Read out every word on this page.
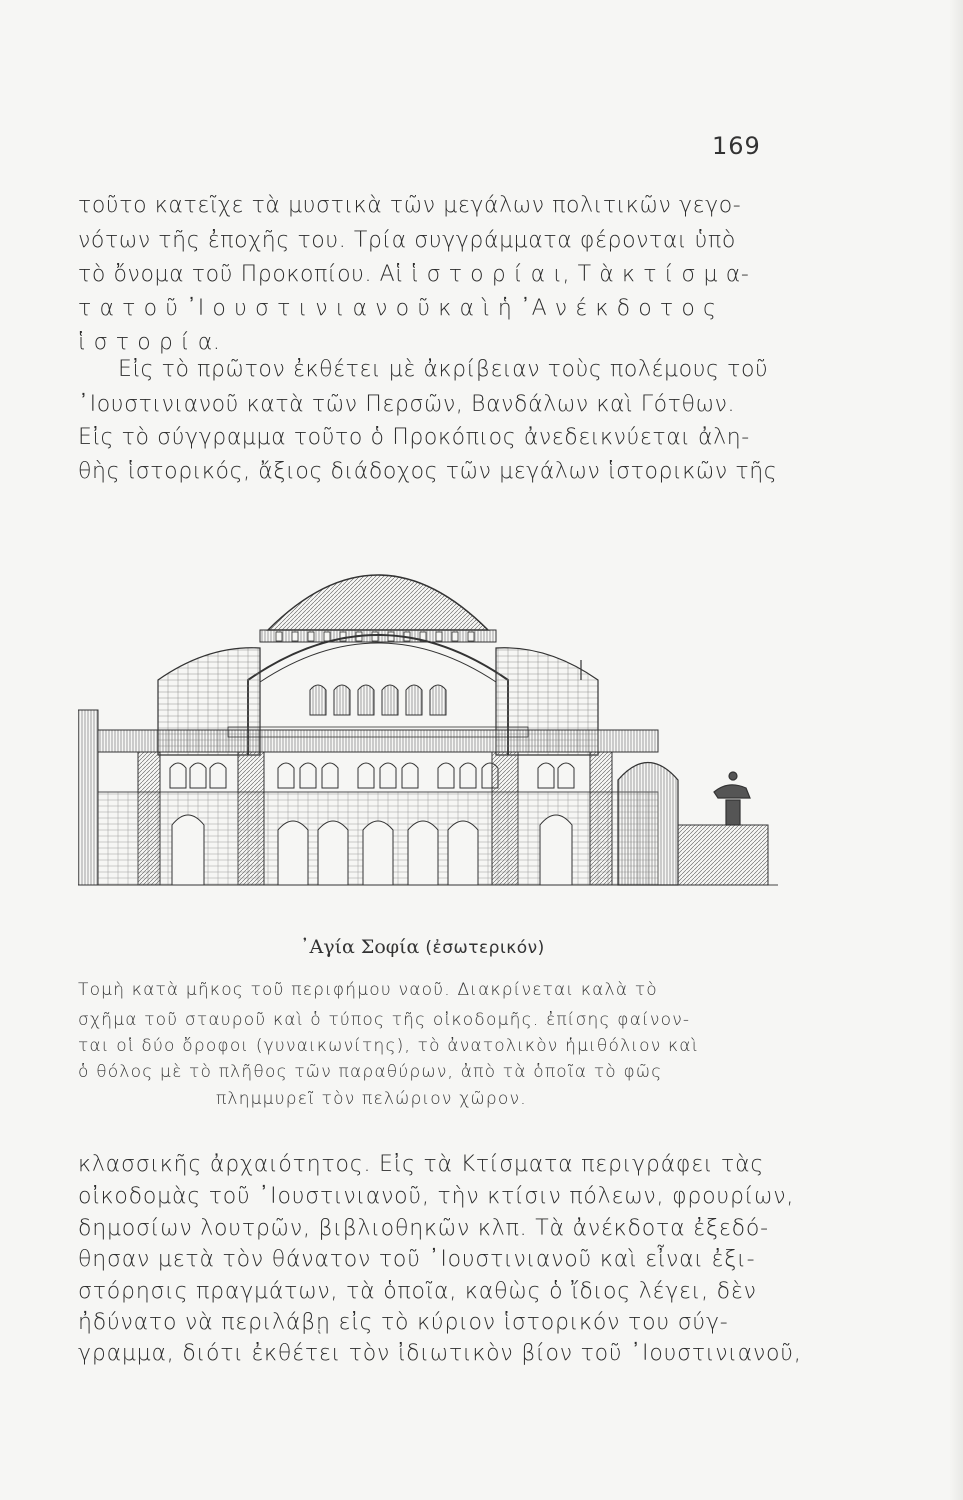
169
τοῦτο κατεῖχε τὰ μυστικὰ τῶν μεγάλων πολιτικῶν γεγο-
νότων τῆς ἐποχῆς του. Τρία συγγράμματα φέρονται ὑπὸ
τὸ ὄνομα τοῦ Προκοπίου. Αἱ ἱ σ τ ο ρ ί α ι, Τ ὰ κ τ ί σ μ α-
τ α τ ο ῦ ᾽Ι ο υ σ τ ι ν ι α ν ο ῦ κ α ὶ ἡ ᾽Α ν έ κ δ ο τ ο ς
ἱ σ τ ο ρ ί α.
Εἰς τὸ πρῶτον ἐκθέτει μὲ ἀκρίβειαν τοὺς πολέμους τοῦ
᾽Ιουστινιανοῦ κατὰ τῶν Περσῶν, Βανδάλων καὶ Γότθων.
Εἰς τὸ σύγγραμμα τοῦτο ὁ Προκόπιος ἀνεδεικνύεται ἀλη-
θὴς ἱστορικός, ἄξιος διάδοχος τῶν μεγάλων ἱστορικῶν τῆς
᾽Αγία Σοφία (ἐσωτερικόν)
Τομὴ κατὰ μῆκος τοῦ περιφήμου ναοῦ. Διακρίνεται καλὰ τὸ
σχῆμα τοῦ σταυροῦ καὶ ὁ τύπος τῆς οἰκοδομῆς. ἐπίσης φαίνον-
ται οἱ δύο ὄροφοι (γυναικωνίτης), τὸ ἀνατολικὸν ἡμιθόλιον καὶ
ὁ θόλος μὲ τὸ πλῆθος τῶν παραθύρων, ἀπὸ τὰ ὁποῖα τὸ φῶς
πλημμυρεῖ τὸν πελώριον χῶρον.
κλασσικῆς ἀρχαιότητος. Εἰς τὰ Κτίσματα περιγράφει τὰς
οἰκοδομὰς τοῦ ᾽Ιουστινιανοῦ, τὴν κτίσιν πόλεων, φρουρίων,
δημοσίων λουτρῶν, βιβλιοθηκῶν κλπ. Τὰ ἀνέκδοτα ἐξεδό-
θησαν μετὰ τὸν θάνατον τοῦ ᾽Ιουστινιανοῦ καὶ εἶναι ἐξι-
στόρησις πραγμάτων, τὰ ὁποῖα, καθὼς ὁ ἴδιος λέγει, δὲν
ἠδύνατο νὰ περιλάβῃ εἰς τὸ κύριον ἱστορικόν του σύγ-
γραμμα, διότι ἐκθέτει τὸν ἰδιωτικὸν βίον τοῦ ᾽Ιουστινιανοῦ,
